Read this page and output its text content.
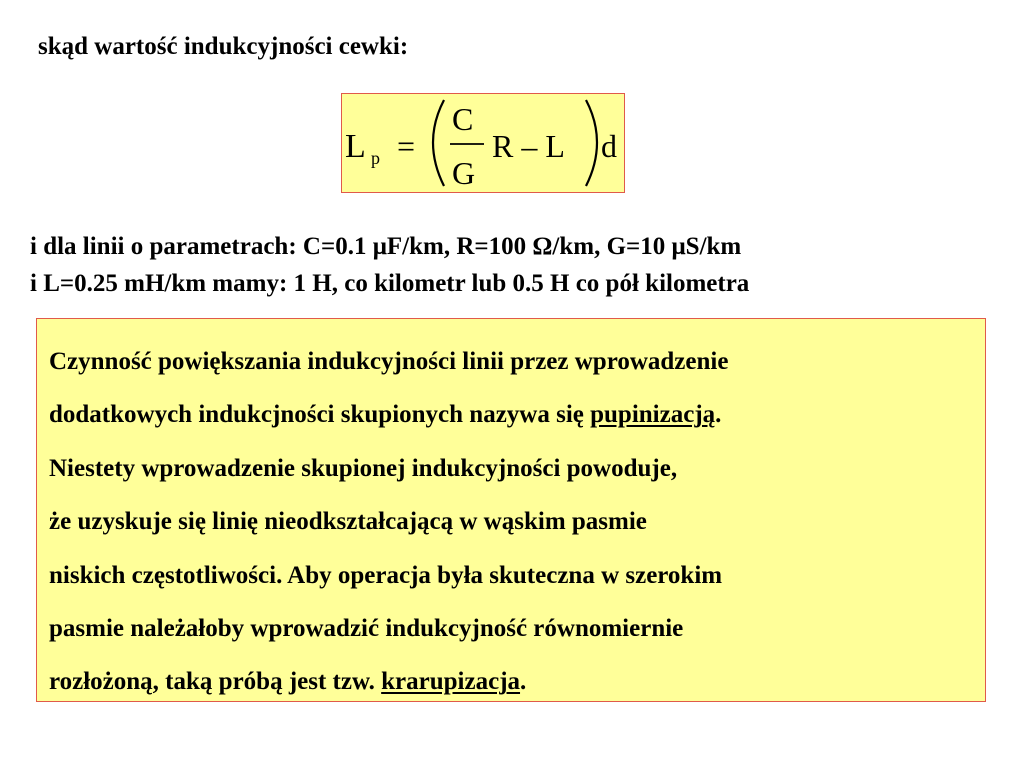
skąd wartość indukcyjności cewki:
L p =
C
G
R – L d
i dla linii o parametrach: C=0.1 μF/km, R=100 Ω/km, G=10 μS/km
i L=0.25 mH/km mamy: 1 H, co kilometr lub 0.5 H co pół kilometra
Czynność powiększania indukcyjności linii przez wprowadzenie
dodatkowych indukcjności skupionych nazywa się pupinizacją.
Niestety wprowadzenie skupionej indukcyjności powoduje,
że uzyskuje się linię nieodkształcającą w wąskim pasmie
niskich częstotliwości. Aby operacja była skuteczna w szerokim
pasmie należałoby wprowadzić indukcyjność równomiernie
rozłożoną, taką próbą jest tzw. krarupizacja.
